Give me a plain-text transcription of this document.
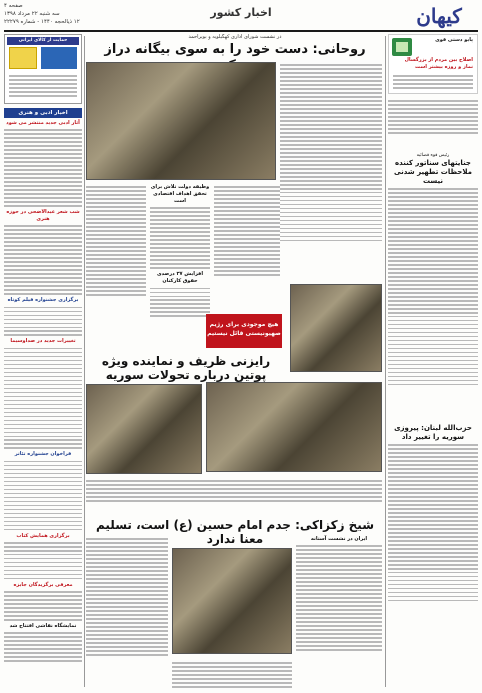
کیهان
اخبار کشور
صفحه ۴
سه شنبه ۲۲ مرداد ۱۳۹۸
۱۲ ذیالحجه ۱۴۴۰ - شماره ۲۲۲۷۹
پایو دستی قوی
اصلاح بین مردم از بزرگسال نماز و روزه بیشتر است
رئیس قوه قضائیه
جنایتهای سناتور کننده ملاحظات تطهیر شدنی نیست
حزب‌الله لبنان: پیروزی سوریه را تغییر داد
در نشست شورای اداری کهگیلویه و بویراحمد
روحانی: دست خود را به سوی بیگانه دراز
وظیفه دولت تلاش برای تحقق اهداف اقتصادی است
افزایش ۳۷ درصدی حقوق کارکنان
هیچ موجودی برای رژیم صهیونیستی قائل نیستیم
رایزنی ظریف و نماینده ویژه پوتین درباره تحولات سوریه
شیخ زکزاکی: جدم امام حسین (ع) است، تسلیم معنا ندارد	ایران در نشست آستانه
حمایت از کالای ایرانی
اخبار ادبی و هنری
آثار ادبی جدید منتشر می شود
شب شعر عیدالاضحی در حوزه هنری
برگزاری جشنواره فیلم کوتاه
تغییرات جدید در صداوسیما
فراخوان جشنواره تئاتر
برگزاری همایش کتاب
معرفی برگزیدگان جایزه
نمایشگاه نقاشی افتتاح شد
